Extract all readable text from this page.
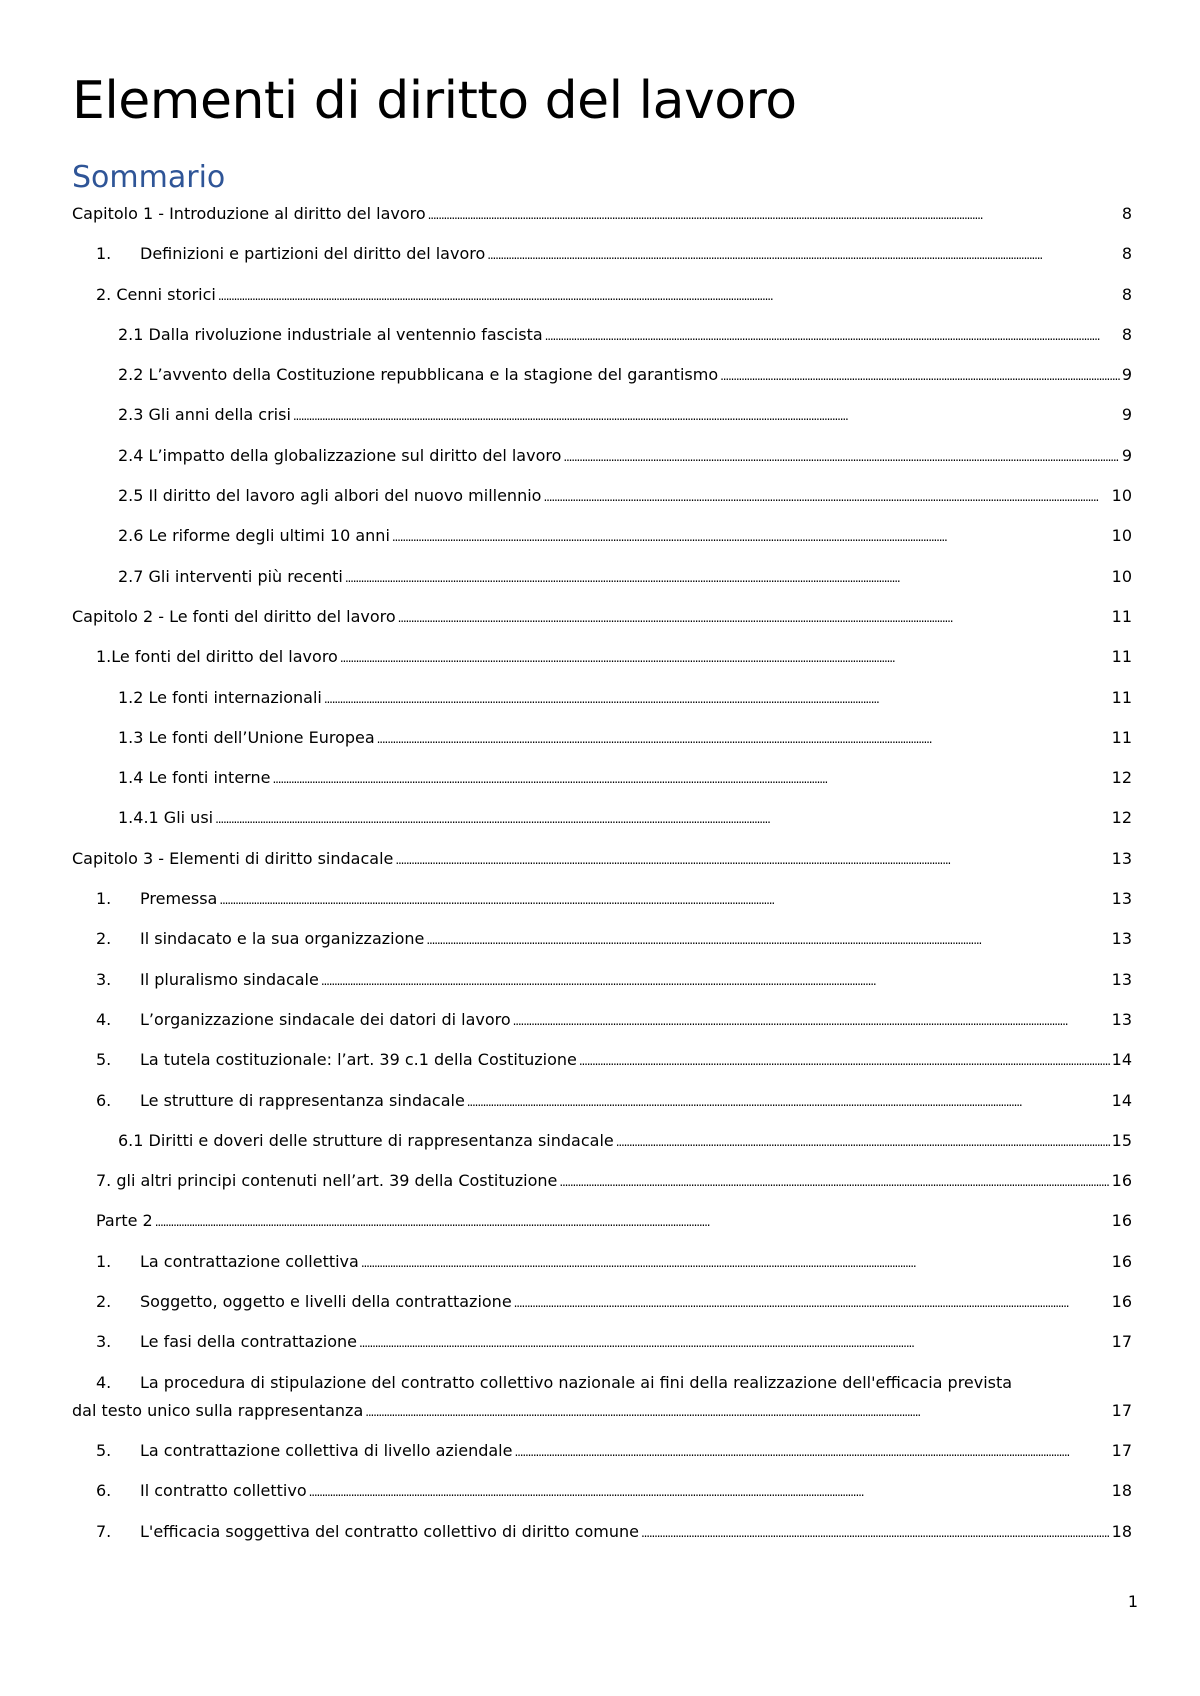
Elementi di diritto del lavoro
Sommario
Capitolo 1 - Introduzione al diritto del lavoro . . .	8
1.	Definizioni e partizioni del diritto del lavoro . . .	8
2. Cenni storici . . .	8
2.1 Dalla rivoluzione industriale al ventennio fascista . . .	8
2.2 L’avvento della Costituzione repubblicana e la stagione del garantismo . . .	9
2.3 Gli anni della crisi . . .	9
2.4 L’impatto della globalizzazione sul diritto del lavoro . . .	9
2.5 Il diritto del lavoro agli albori del nuovo millennio . . .	10
2.6 Le riforme degli ultimi 10 anni . . .	10
2.7 Gli interventi più recenti . . .	10
Capitolo 2 - Le fonti del diritto del lavoro . . .	11
1.Le fonti del diritto del lavoro . . .	11
1.2 Le fonti internazionali . . .	11
1.3 Le fonti dell’Unione Europea . . .	11
1.4 Le fonti interne . . .	12
1.4.1 Gli usi . . .	12
Capitolo 3 - Elementi di diritto sindacale . . .	13
1.	Premessa . . .	13
2.	Il sindacato e la sua organizzazione . . .	13
3.	Il pluralismo sindacale . . .	13
4.	L’organizzazione sindacale dei datori di lavoro . . .	13
5.	La tutela costituzionale: l’art. 39 c.1 della Costituzione . . .	14
6.	Le strutture di rappresentanza sindacale . . .	14
6.1 Diritti e doveri delle strutture di rappresentanza sindacale . . .	15
7. gli altri principi contenuti nell’art. 39 della Costituzione . . .	16
Parte 2 . . .	16
1.	La contrattazione collettiva . . .	16
2.	Soggetto, oggetto e livelli della contrattazione . . .	16
3.	Le fasi della contrattazione . . .	17
4.	La procedura di stipulazione del contratto collettivo nazionale ai fini della realizzazione dell'efficacia prevista
dal testo unico sulla rappresentanza . . .	17
5.	La contrattazione collettiva di livello aziendale . . .	17
6.	Il contratto collettivo . . .	18
7.	L'efficacia soggettiva del contratto collettivo di diritto comune . . .	18
1
